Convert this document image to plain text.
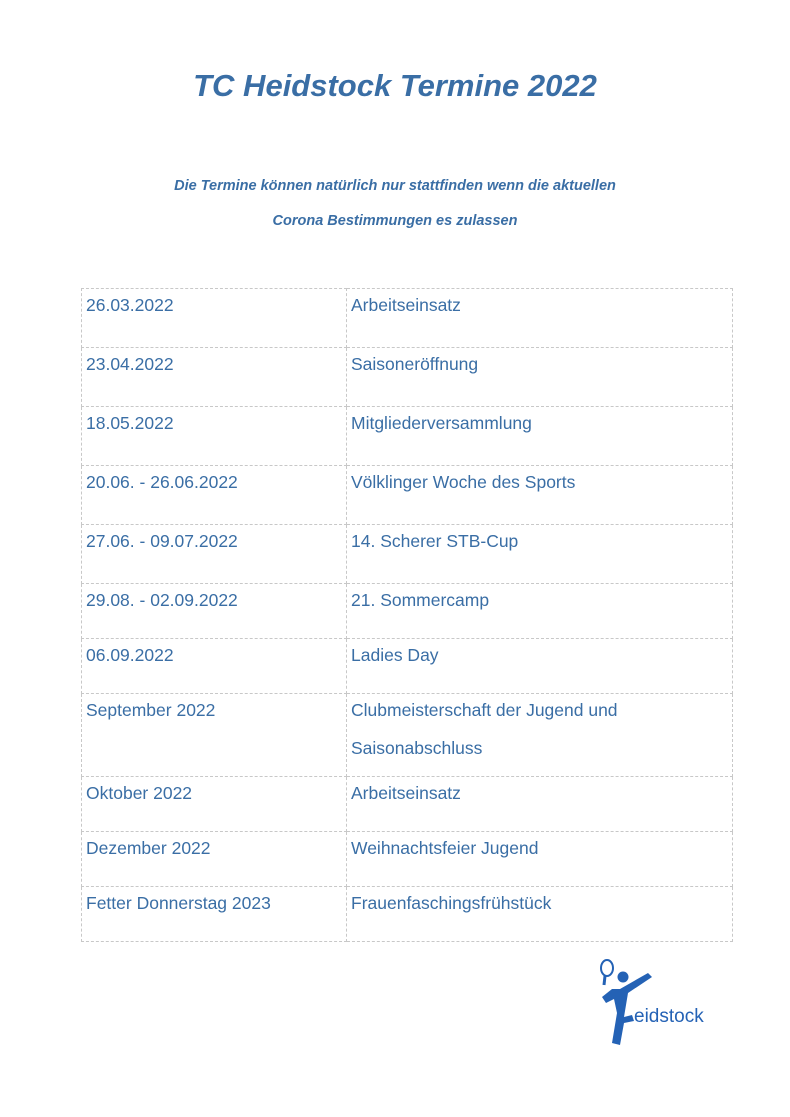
TC Heidstock Termine 2022

Die Termine können natürlich nur stattfinden wenn die aktuellen

Corona Bestimmungen es zulassen

26.03.2022	Arbeitseinsatz

23.04.2022	Saisoneröffnung

18.05.2022	Mitgliederversammlung

20.06. - 26.06.2022	Völklinger Woche des Sports

27.06. - 09.07.2022	14. Scherer STB-Cup

29.08. - 02.09.2022	21. Sommercamp

06.09.2022	Ladies Day

September 2022	Clubmeisterschaft der Jugend und
Saisonabschluss

Oktober 2022	Arbeitseinsatz

Dezember 2022	Weihnachtsfeier Jugend

Fetter Donnerstag 2023	Frauenfaschingsfrühstück
eidstock
